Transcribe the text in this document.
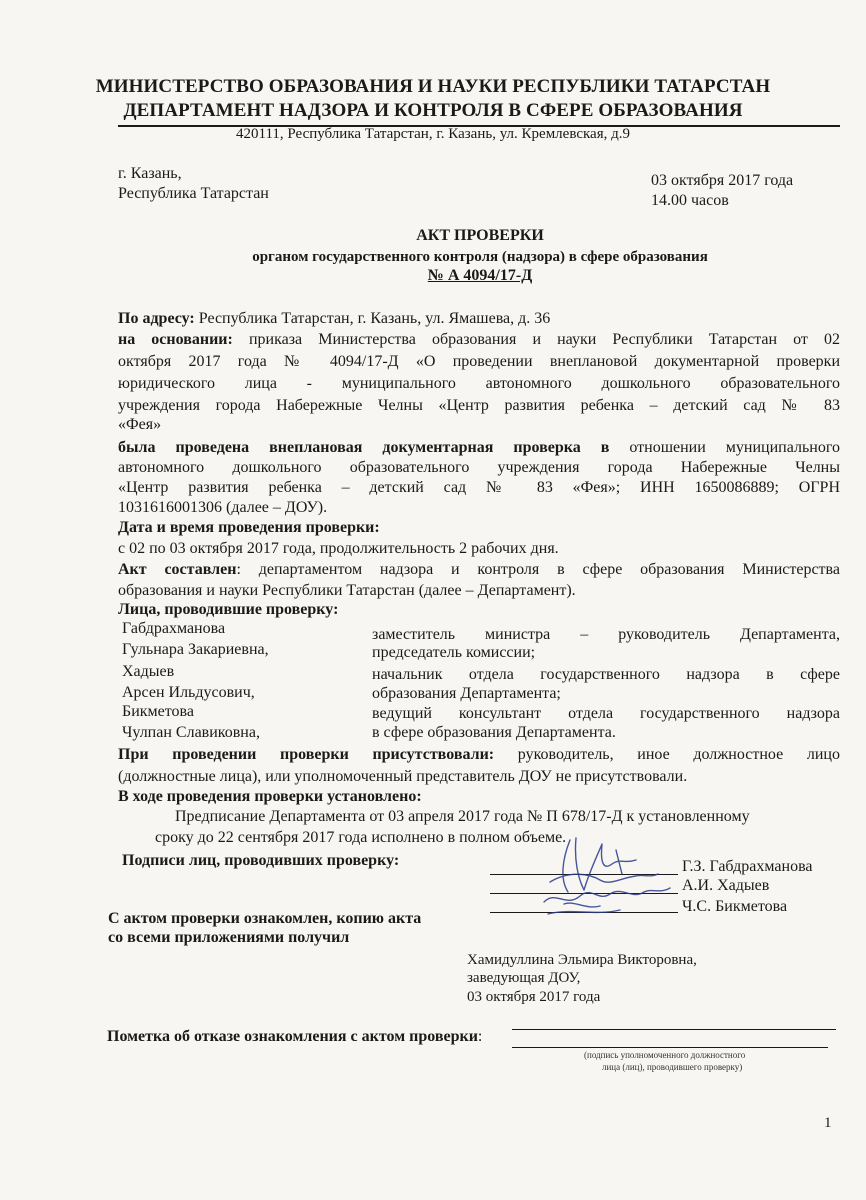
МИНИСТЕРСТВО ОБРАЗОВАНИЯ И НАУКИ РЕСПУБЛИКИ ТАТАРСТАН
ДЕПАРТАМЕНТ НАДЗОРА И КОНТРОЛЯ В СФЕРЕ ОБРАЗОВАНИЯ
420111, Республика Татарстан, г. Казань, ул. Кремлевская, д.9
г. Казань,
Республика Татарстан
03 октября 2017 года
14.00 часов
АКТ ПРОВЕРКИ
органом государственного контроля (надзора) в сфере образования
№ А 4094/17-Д
По адресу: Республика Татарстан, г. Казань, ул. Ямашева, д. 36
на основании: приказа Министерства образования и науки Республики Татарстан от 02
октября 2017 года № 4094/17-Д «О проведении внеплановой документарной проверки
юридического лица - муниципального автономного дошкольного образовательного
учреждения города Набережные Челны «Центр развития ребенка – детский сад № 83
«Фея»
была проведена внеплановая документарная проверка в отношении муниципального
автономного дошкольного образовательного учреждения города Набережные Челны
«Центр развития ребенка – детский сад № 83 «Фея»; ИНН 1650086889; ОГРН
1031616001306 (далее – ДОУ).
Дата и время проведения проверки:
с 02 по 03 октября 2017 года, продолжительность 2 рабочих дня.
Акт составлен: департаментом надзора и контроля в сфере образования Министерства
образования и науки Республики Татарстан (далее – Департамент).
Лица, проводившие проверку:
Габдрахманова
Гульнара Закариевна,
заместитель министра – руководитель Департамента,
председатель комиссии;
Хадыев
Арсен Ильдусович,
начальник отдела государственного надзора в сфере
образования Департамента;
Бикметова
Чулпан Славиковна,
ведущий консультант отдела государственного надзора
в сфере образования Департамента.
При проведении проверки присутствовали: руководитель, иное должностное лицо
(должностные лица), или уполномоченный представитель ДОУ не присутствовали.
В ходе проведения проверки установлено:
Предписание Департамента от 03 апреля 2017 года № П 678/17-Д к установленному
сроку до 22 сентября 2017 года исполнено в полном объеме.
Подписи лиц, проводивших проверку:	Г.З. Габдрахманова
А.И. Хадыев
Ч.С. Бикметова
С актом проверки ознакомлен, копию акта
со всеми приложениями получил
Хамидуллина Эльмира Викторовна,
заведующая ДОУ,
03 октября 2017 года
Пометка об отказе ознакомления с актом проверки:
(подпись уполномоченного должностного
лица (лиц), проводившего проверку)
1
